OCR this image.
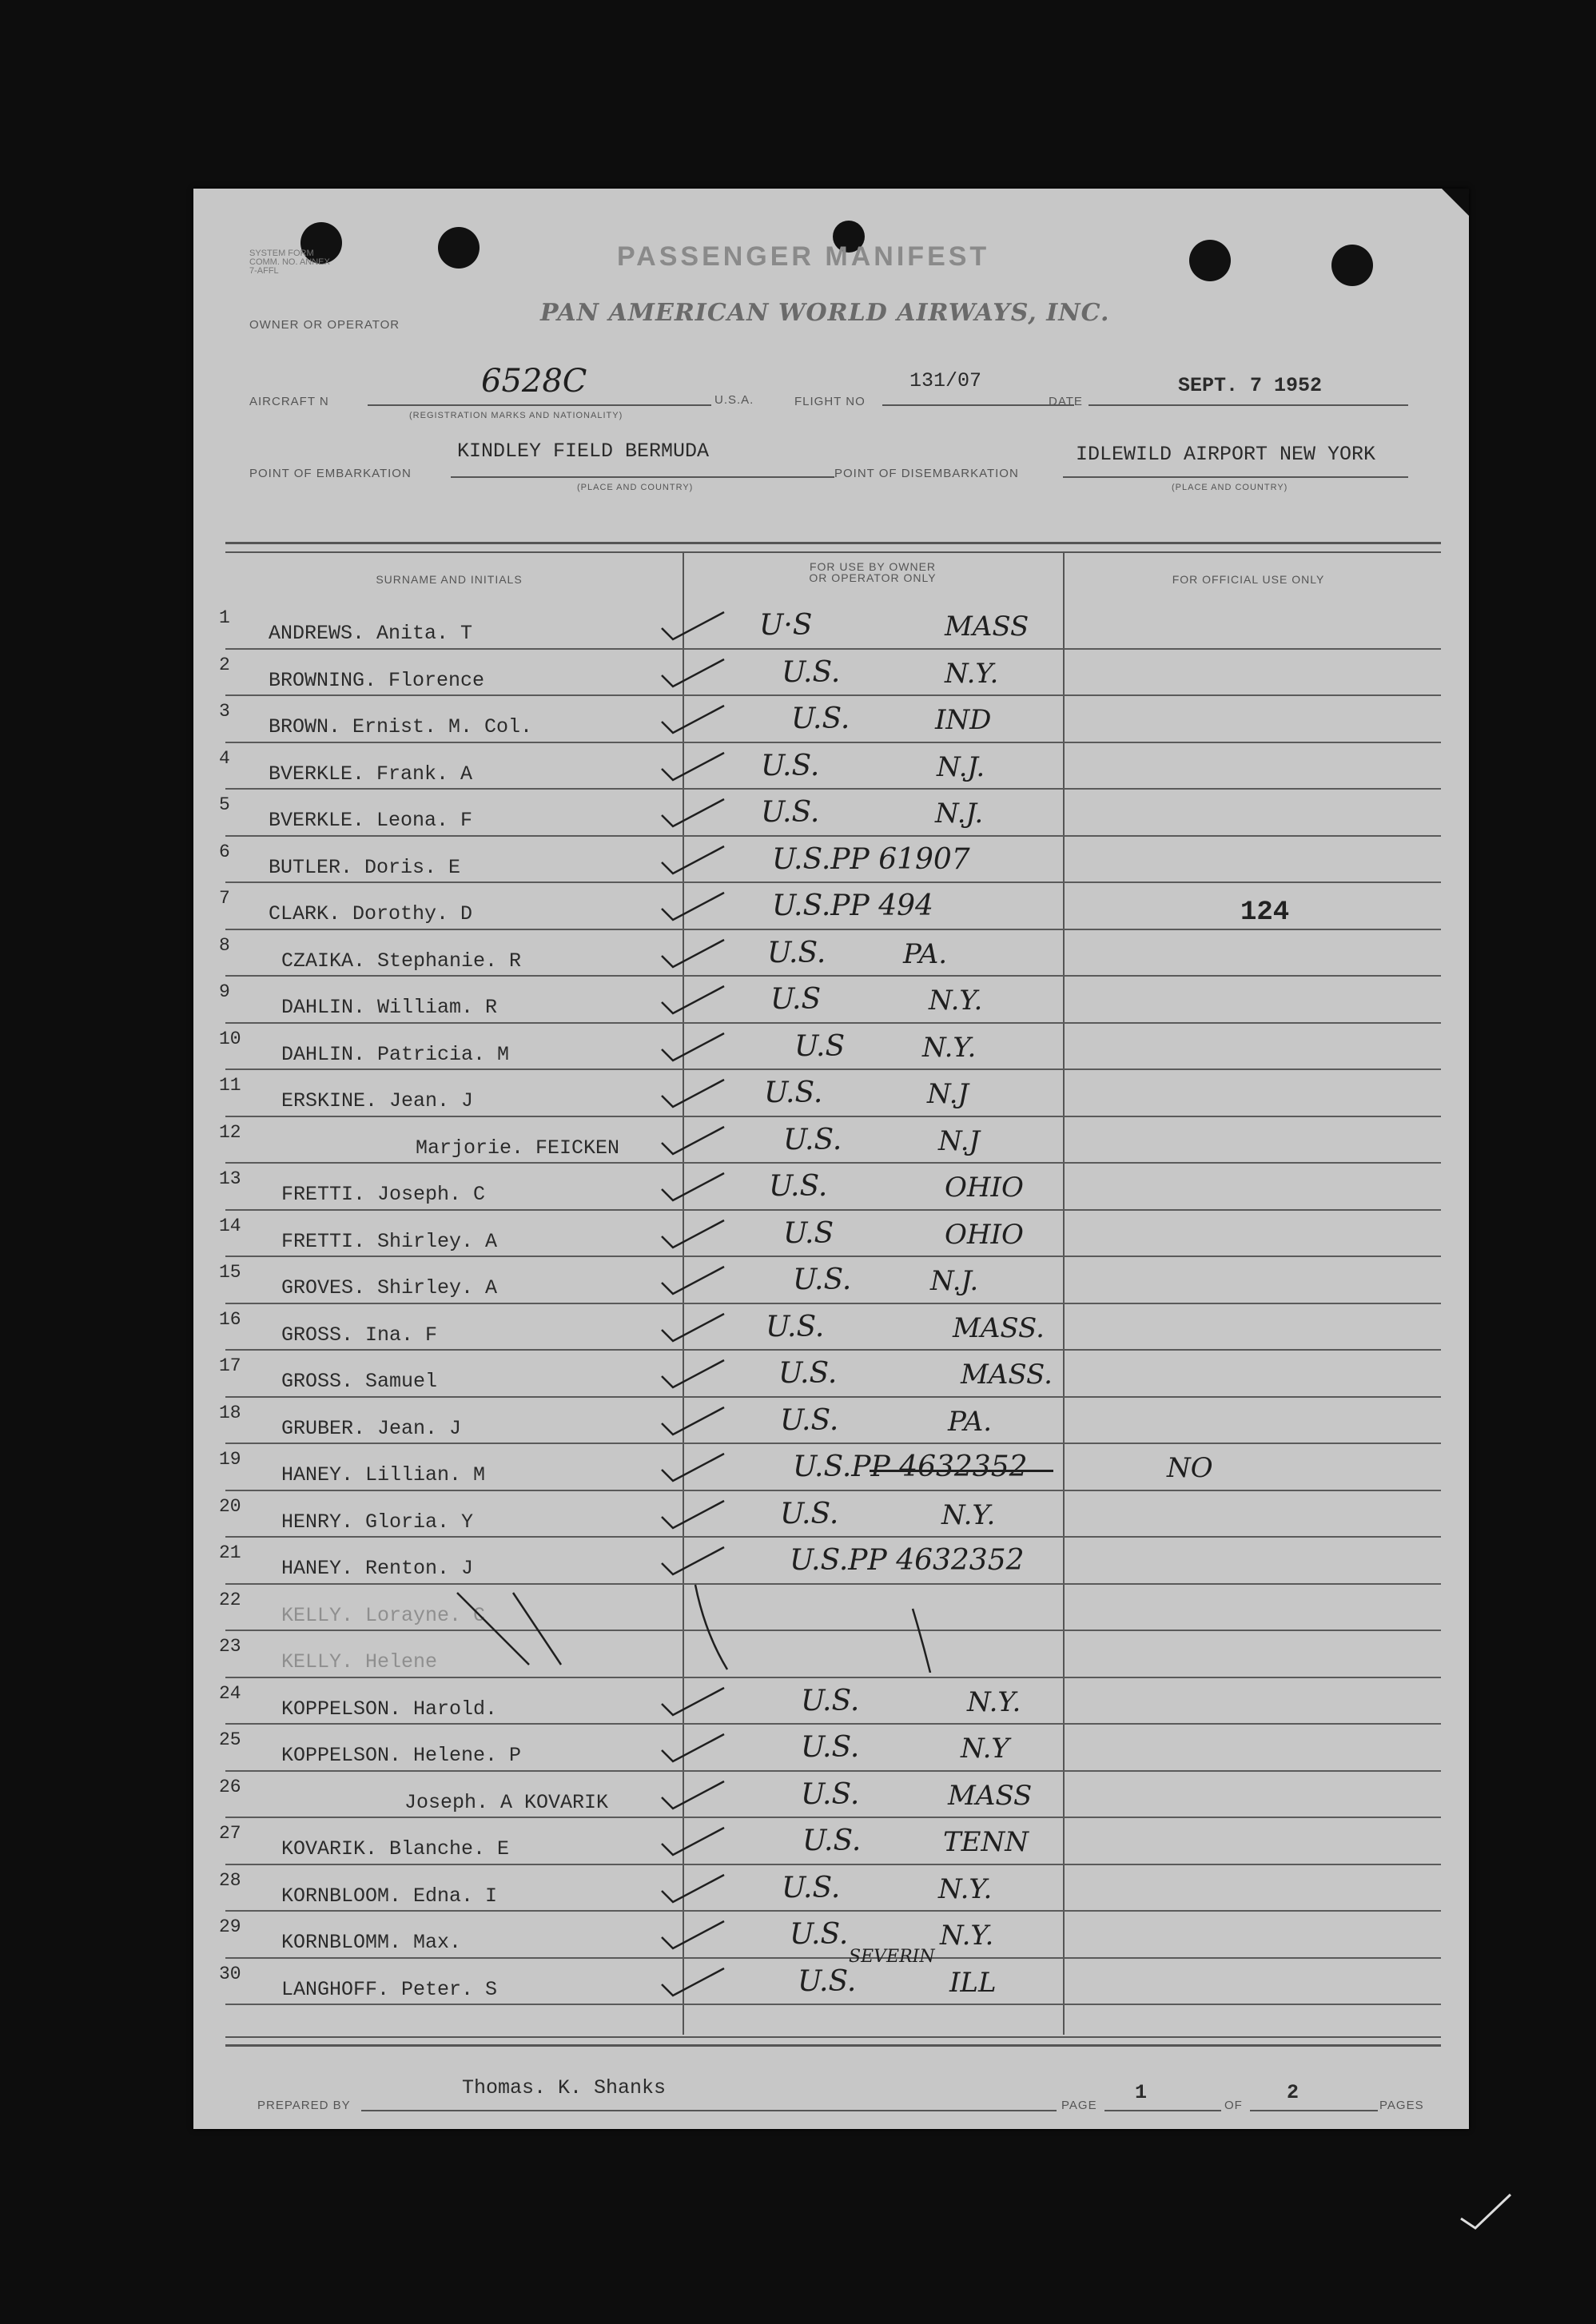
SYSTEM FORM COMM. NO. ANNEX 7-AFFL	PASSENGER MANIFEST
OWNER OR OPERATOR	PAN AMERICAN WORLD AIRWAYS, INC.
AIRCRAFT N
6528C
(REGISTRATION MARKS AND NATIONALITY)
U.S.A.	FLIGHT NO
131/07
DATE
SEPT. 7 1952
KINDLEY FIELD BERMUDA
POINT OF EMBARKATION
(PLACE AND COUNTRY)
POINT OF DISEMBARKATION
IDLEWILD AIRPORT NEW YORK
(PLACE AND COUNTRY)
SURNAME AND INITIALS
FOR USE BY OWNER
OR OPERATOR ONLY	FOR OFFICIAL USE ONLY
1
ANDREWS. Anita. T	U·S	MASS
2
BROWNING. Florence	U.S.	N.Y.
3
BROWN. Ernist. M. Col.	U.S.	IND
4
BVERKLE. Frank. A	U.S.	N.J.
5
BVERKLE. Leona. F	U.S.	N.J.
6
BUTLER. Doris. E	U.S.PP 61907
7
CLARK. Dorothy. D	U.S.PP 494	124
8
CZAIKA. Stephanie. R	U.S.	PA.
9
DAHLIN. William. R	U.S	N.Y.
10
DAHLIN. Patricia. M	U.S	N.Y.
11
ERSKINE. Jean. J	U.S.	N.J
12
Marjorie. FEICKEN	U.S.	N.J
13
FRETTI. Joseph. C	U.S.	OHIO
14
FRETTI. Shirley. A	U.S	OHIO
15
GROVES. Shirley. A	U.S.	N.J.
16
GROSS. Ina. F	U.S.	MASS.
17
GROSS. Samuel	U.S.	MASS.
18
GRUBER. Jean. J	U.S.	PA.
19
HANEY. Lillian. M	U.S.PP 4632352	NO
20
HENRY. Gloria. Y	U.S.	N.Y.
21
HANEY. Renton. J	U.S.PP 4632352
22
KELLY. Lorayne. C
23
KELLY. Helene
24
KOPPELSON. Harold.	U.S.	N.Y.
25
KOPPELSON. Helene. P	U.S.	N.Y
26
Joseph. A KOVARIK	U.S.	MASS
27
KOVARIK. Blanche. E	U.S.	TENN
28
KORNBLOOM. Edna. I	U.S.	N.Y.
29
KORNBLOMM. Max.	U.S.	N.Y.
30
LANGHOFF. Peter. S	U.S.	ILL
SEVERIN
PREPARED BY
Thomas. K. Shanks
PAGE
1
OF
2
PAGES
